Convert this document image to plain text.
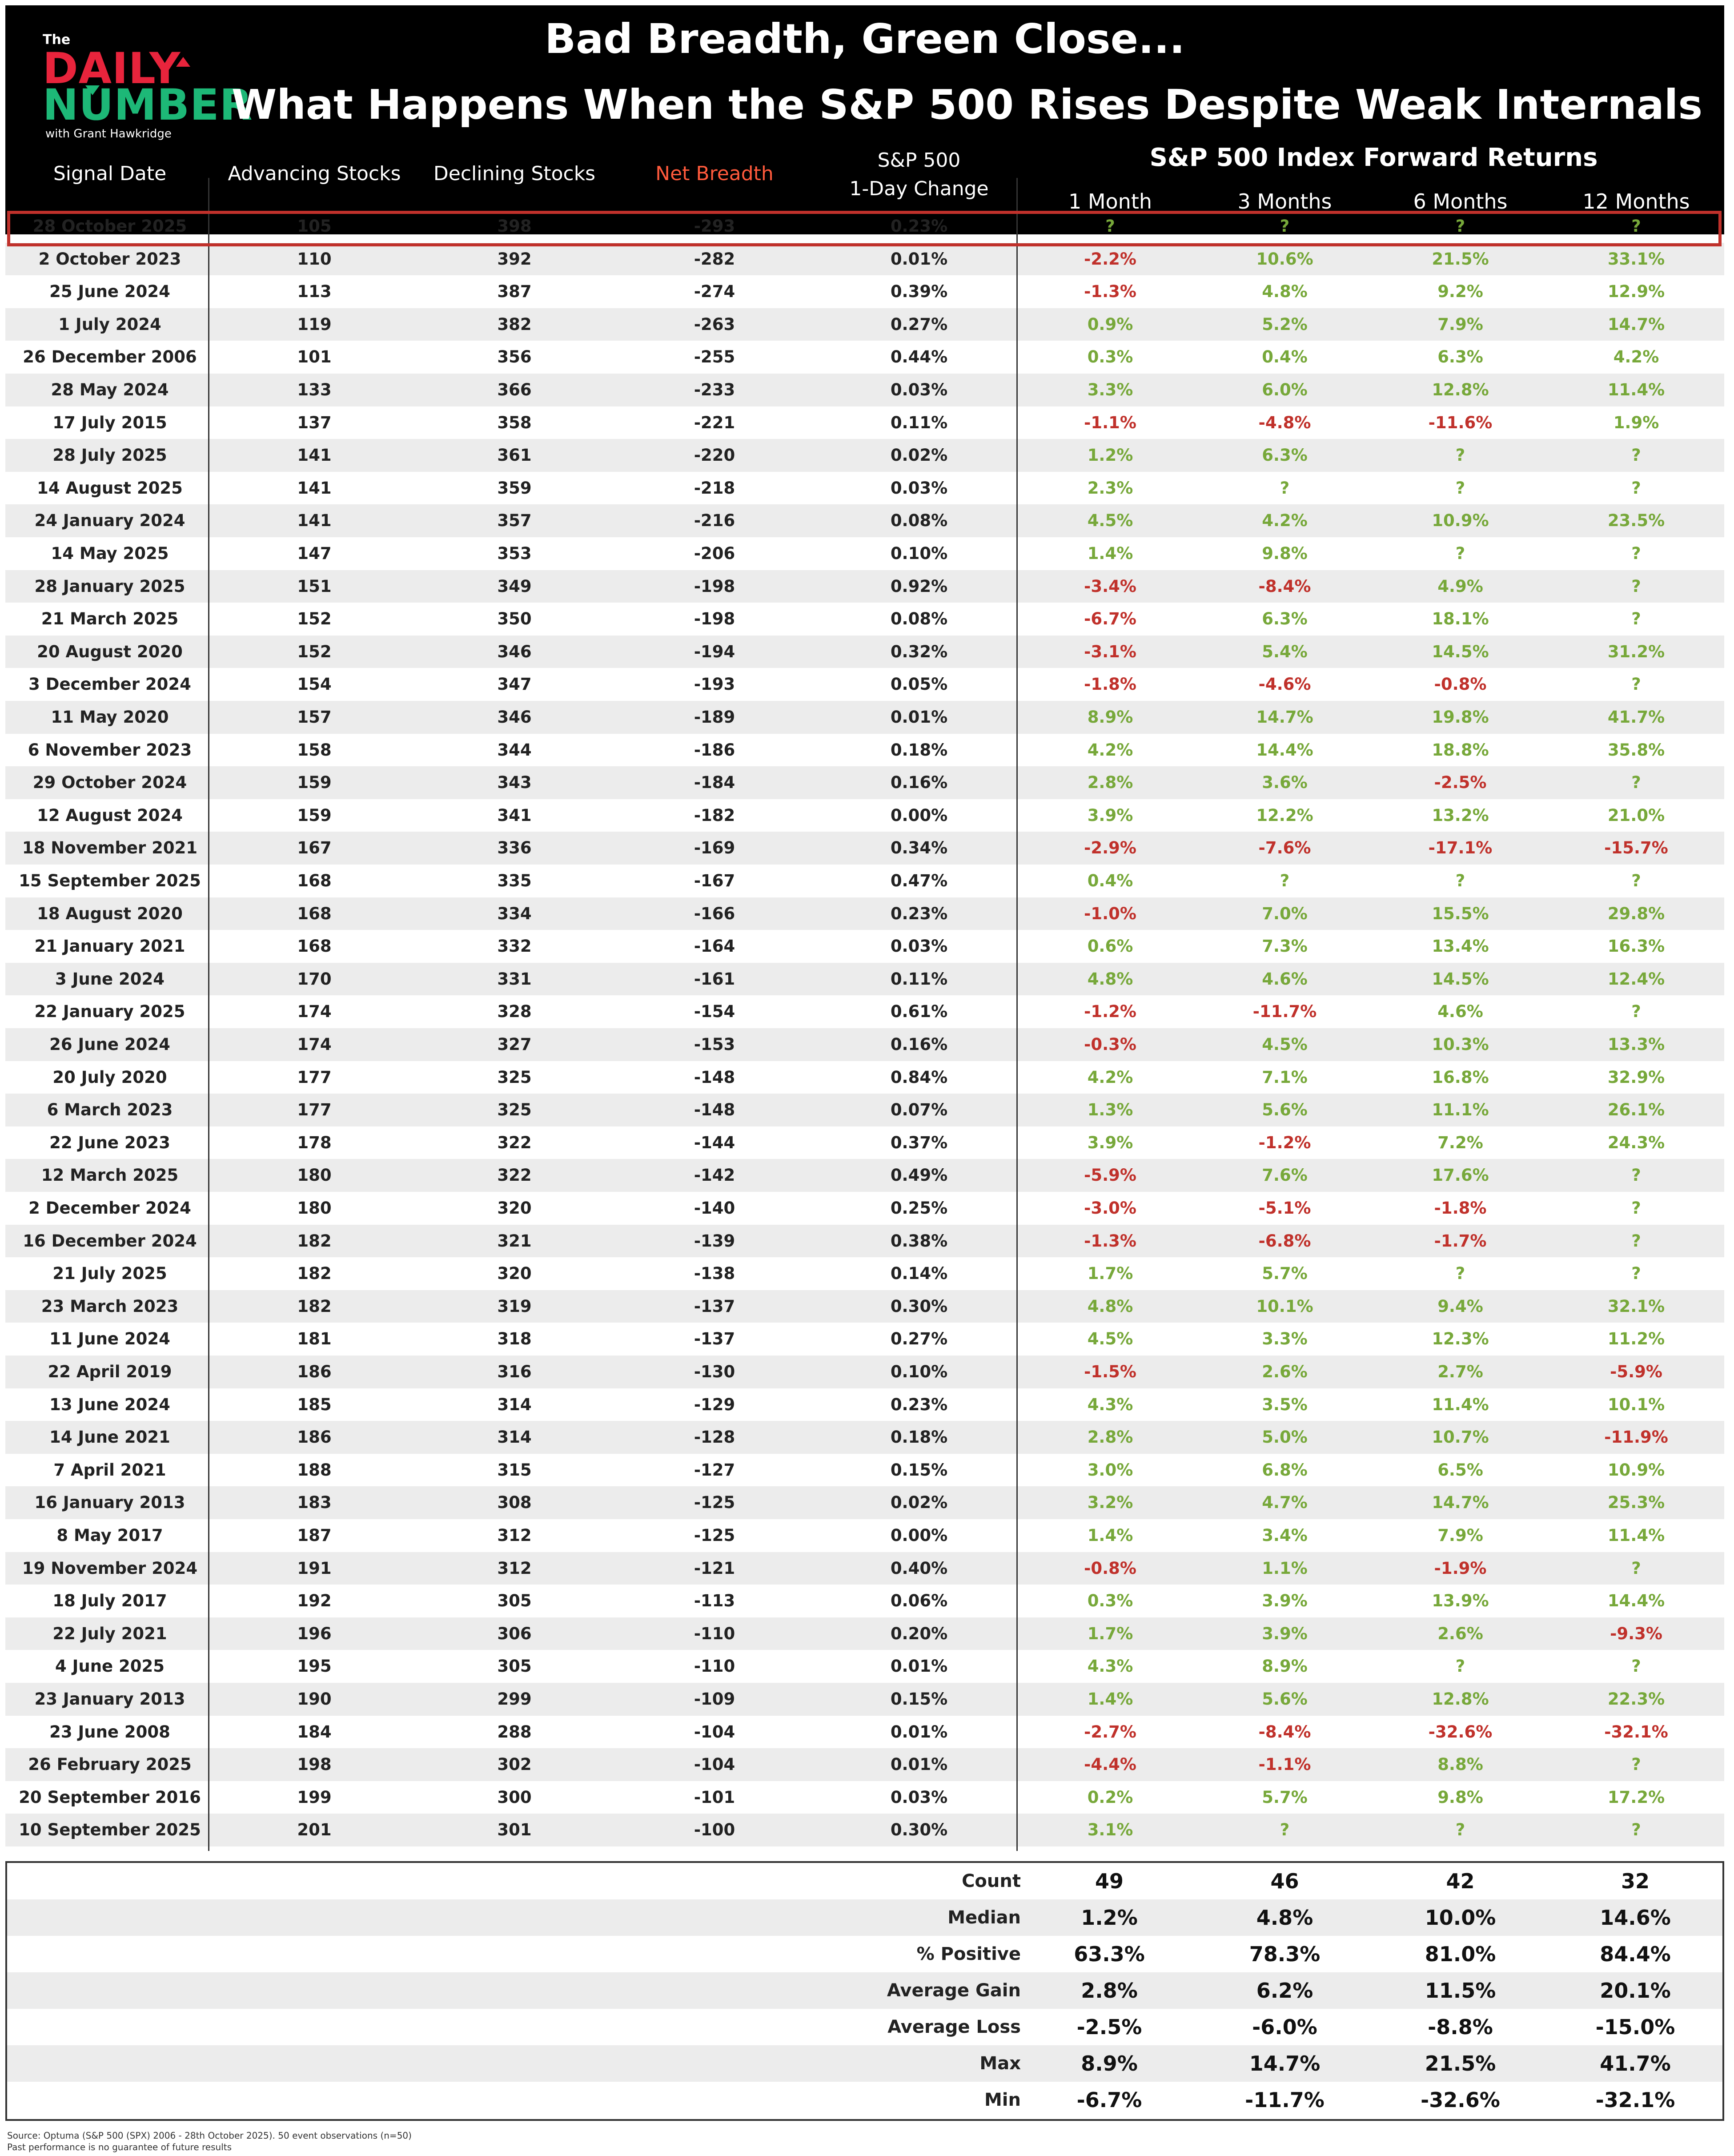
The
DAILY
NUMBER
with Grant Hawkridge
Bad Breadth, Green Close...
What Happens When the S&P 500 Rises Despite Weak Internals
Signal Date	Advancing Stocks	Declining Stocks	Net Breadth
S&P 500
1-Day Change
S&P 500 Index Forward Returns
1 Month	3 Months	6 Months	12 Months
28 October 2025	105	398	-293	0.23%	?	?	?	?
2 October 2023	110	392	-282	0.01%	-2.2%	10.6%	21.5%	33.1%
25 June 2024	113	387	-274	0.39%	-1.3%	4.8%	9.2%	12.9%
1 July 2024	119	382	-263	0.27%	0.9%	5.2%	7.9%	14.7%
26 December 2006	101	356	-255	0.44%	0.3%	0.4%	6.3%	4.2%
28 May 2024	133	366	-233	0.03%	3.3%	6.0%	12.8%	11.4%
17 July 2015	137	358	-221	0.11%	-1.1%	-4.8%	-11.6%	1.9%
28 July 2025	141	361	-220	0.02%	1.2%	6.3%	?	?
14 August 2025	141	359	-218	0.03%	2.3%	?	?	?
24 January 2024	141	357	-216	0.08%	4.5%	4.2%	10.9%	23.5%
14 May 2025	147	353	-206	0.10%	1.4%	9.8%	?	?
28 January 2025	151	349	-198	0.92%	-3.4%	-8.4%	4.9%	?
21 March 2025	152	350	-198	0.08%	-6.7%	6.3%	18.1%	?
20 August 2020	152	346	-194	0.32%	-3.1%	5.4%	14.5%	31.2%
3 December 2024	154	347	-193	0.05%	-1.8%	-4.6%	-0.8%	?
11 May 2020	157	346	-189	0.01%	8.9%	14.7%	19.8%	41.7%
6 November 2023	158	344	-186	0.18%	4.2%	14.4%	18.8%	35.8%
29 October 2024	159	343	-184	0.16%	2.8%	3.6%	-2.5%	?
12 August 2024	159	341	-182	0.00%	3.9%	12.2%	13.2%	21.0%
18 November 2021	167	336	-169	0.34%	-2.9%	-7.6%	-17.1%	-15.7%
15 September 2025	168	335	-167	0.47%	0.4%	?	?	?
18 August 2020	168	334	-166	0.23%	-1.0%	7.0%	15.5%	29.8%
21 January 2021	168	332	-164	0.03%	0.6%	7.3%	13.4%	16.3%
3 June 2024	170	331	-161	0.11%	4.8%	4.6%	14.5%	12.4%
22 January 2025	174	328	-154	0.61%	-1.2%	-11.7%	4.6%	?
26 June 2024	174	327	-153	0.16%	-0.3%	4.5%	10.3%	13.3%
20 July 2020	177	325	-148	0.84%	4.2%	7.1%	16.8%	32.9%
6 March 2023	177	325	-148	0.07%	1.3%	5.6%	11.1%	26.1%
22 June 2023	178	322	-144	0.37%	3.9%	-1.2%	7.2%	24.3%
12 March 2025	180	322	-142	0.49%	-5.9%	7.6%	17.6%	?
2 December 2024	180	320	-140	0.25%	-3.0%	-5.1%	-1.8%	?
16 December 2024	182	321	-139	0.38%	-1.3%	-6.8%	-1.7%	?
21 July 2025	182	320	-138	0.14%	1.7%	5.7%	?	?
23 March 2023	182	319	-137	0.30%	4.8%	10.1%	9.4%	32.1%
11 June 2024	181	318	-137	0.27%	4.5%	3.3%	12.3%	11.2%
22 April 2019	186	316	-130	0.10%	-1.5%	2.6%	2.7%	-5.9%
13 June 2024	185	314	-129	0.23%	4.3%	3.5%	11.4%	10.1%
14 June 2021	186	314	-128	0.18%	2.8%	5.0%	10.7%	-11.9%
7 April 2021	188	315	-127	0.15%	3.0%	6.8%	6.5%	10.9%
16 January 2013	183	308	-125	0.02%	3.2%	4.7%	14.7%	25.3%
8 May 2017	187	312	-125	0.00%	1.4%	3.4%	7.9%	11.4%
19 November 2024	191	312	-121	0.40%	-0.8%	1.1%	-1.9%	?
18 July 2017	192	305	-113	0.06%	0.3%	3.9%	13.9%	14.4%
22 July 2021	196	306	-110	0.20%	1.7%	3.9%	2.6%	-9.3%
4 June 2025	195	305	-110	0.01%	4.3%	8.9%	?	?
23 January 2013	190	299	-109	0.15%	1.4%	5.6%	12.8%	22.3%
23 June 2008	184	288	-104	0.01%	-2.7%	-8.4%	-32.6%	-32.1%
26 February 2025	198	302	-104	0.01%	-4.4%	-1.1%	8.8%	?
20 September 2016	199	300	-101	0.03%	0.2%	5.7%	9.8%	17.2%
10 September 2025	201	301	-100	0.30%	3.1%	?	?	?
Count	49	46	42	32
Median	1.2%	4.8%	10.0%	14.6%
% Positive	63.3%	78.3%	81.0%	84.4%
Average Gain	2.8%	6.2%	11.5%	20.1%
Average Loss	-2.5%	-6.0%	-8.8%	-15.0%
Max	8.9%	14.7%	21.5%	41.7%
Min	-6.7%	-11.7%	-32.6%	-32.1%
Source: Optuma (S&P 500 (SPX) 2006 - 28th October 2025). 50 event observations (n=50)
Past performance is no guarantee of future results
